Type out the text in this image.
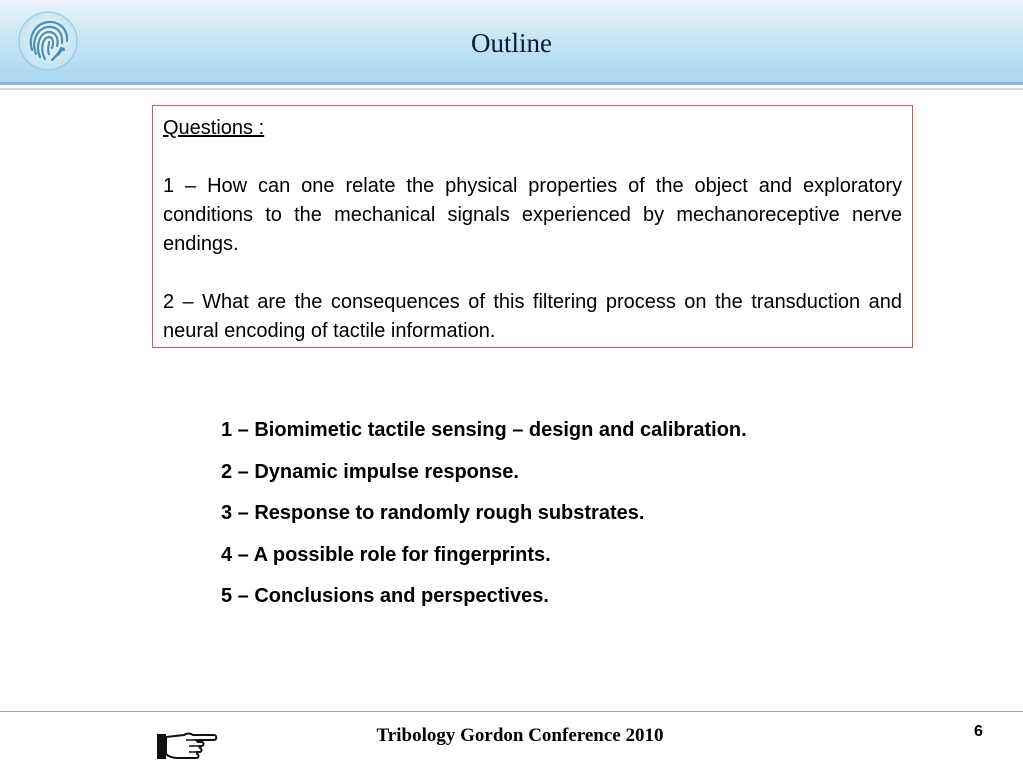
Outline

Questions :

1 – How can one relate the physical properties of the object and exploratory conditions to the mechanical signals experienced by mechanoreceptive nerve endings.

2 – What are the consequences of this filtering process on the transduction and neural encoding of tactile information.

1 – Biomimetic tactile sensing – design and calibration.
2 – Dynamic impulse response.
3 – Response to randomly rough substrates.
4 – A possible role for fingerprints.
5 – Conclusions and perspectives.
Tribology Gordon Conference 2010	6
